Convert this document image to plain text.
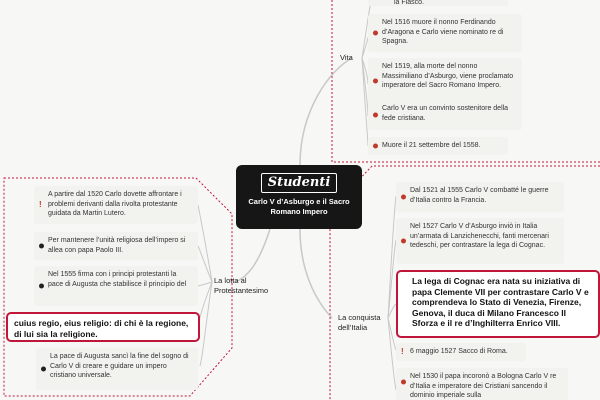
Studenti
Carlo V d’Asburgo e il Sacro
Romano Impero
Vita
la Fiasco.
Nel 1516 muore il nonno Ferdinando d’Aragona e Carlo viene nominato re di Spagna.
Nel 1519, alla morte del nonno Massimiliano d’Asburgo, viene proclamato imperatore del Sacro Romano Impero.
Carlo V era un convinto sostenitore della fede cristiana.
Muore il 21 settembre del 1558.
La lotta al
Protestantesimo
!
A partire dal 1520 Carlo dovette affrontare i problemi derivanti dalla rivolta protestante guidata da Martin Lutero.
Per mantenere l’unità religiosa dell’impero si allea con papa Paolo III.
Nel 1555 firma con i principi protestanti la pace di Augusta che stabilisce il principio del
cuius regio, eius religio: di chi è la regione, di lui sia la religione.
La pace di Augusta sancì la fine del sogno di Carlo V di creare e guidare un impero cristiano universale.
La conquista
dell’Italia
Dal 1521 al 1555 Carlo V combatté le guerre d’Italia contro la Francia.
Nel 1527 Carlo V d’Asburgo inviò in Italia un’armata di Lanzichenecchi, fanti mercenari tedeschi, per contrastare la lega di Cognac.
La lega di Cognac era nata su iniziativa di papa Clemente VII per contrastare Carlo V e comprendeva lo Stato di Venezia, Firenze, Genova, il duca di Milano Francesco II Sforza e il re d’Inghilterra Enrico VIII.
! 6 maggio 1527 Sacco di Roma.
Nel 1530 il papa incoronò a Bologna Carlo V re d’Italia e imperatore dei Cristiani sancendo il dominio imperiale sulla
